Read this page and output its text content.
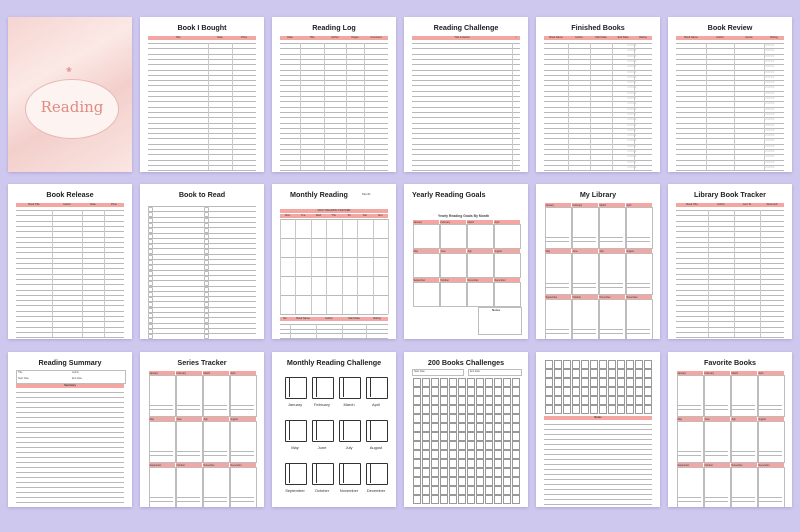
❀
Reading
Book I Bought
Title	Date	Price
Reading Log
Date	Title	Author	Pages	Comment
Reading Challenge
Title & Author	✓
Finished Books
Book Name	Author	Start Date	End Date	Rating
☆☆☆☆☆
☆☆☆☆☆
☆☆☆☆☆
☆☆☆☆☆
☆☆☆☆☆
☆☆☆☆☆
☆☆☆☆☆
☆☆☆☆☆
☆☆☆☆☆
☆☆☆☆☆
☆☆☆☆☆
☆☆☆☆☆
☆☆☆☆☆
☆☆☆☆☆
☆☆☆☆☆
☆☆☆☆☆
☆☆☆☆☆
☆☆☆☆☆
☆☆☆☆☆
☆☆☆☆☆
☆☆☆☆☆
☆☆☆☆☆
☆☆☆☆☆
☆☆☆☆☆
Book Review
Book Name	Author	Genre	Rating
☆☆☆☆☆
☆☆☆☆☆
☆☆☆☆☆
☆☆☆☆☆
☆☆☆☆☆
☆☆☆☆☆
☆☆☆☆☆
☆☆☆☆☆
☆☆☆☆☆
☆☆☆☆☆
☆☆☆☆☆
☆☆☆☆☆
☆☆☆☆☆
☆☆☆☆☆
☆☆☆☆☆
☆☆☆☆☆
☆☆☆☆☆
☆☆☆☆☆
☆☆☆☆☆
☆☆☆☆☆
☆☆☆☆☆
☆☆☆☆☆
☆☆☆☆☆
☆☆☆☆☆
Book Release
Book Title	Author	Date	Price
Book to Read	Monthly Reading	Month:
DAILY READING TRACKER
Mon	Tue	Wed	Thu	Fri	Sat	Sun
No.	Book Name	Author	Start Date	Rating
Yearly Reading Goals
Yearly Reading Goals By Month
Notes
January	February	March	April
May	June	July	August
September	October	November	December
My Library
January	February	March	April
May	June	July	August
September	October	November	December
Library Book Tracker
Book Title	Author	Lent To	Returned
Reading Summary
Title	Author
Start Date	End Date
Summary
Series Tracker
January	February	March	April
May	June	July	August
September	October	November	December
Monthly Reading Challenge
January	February	March	April
May	June	July	August
September	October	November	December
200 Books Challenges
Start Date	End Date
Notes
Favorite Books
January	February	March	April
May	June	July	August
September	October	November	December
